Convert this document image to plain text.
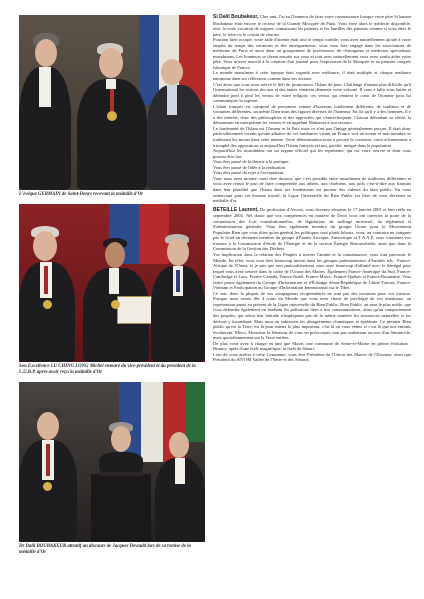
L'évêque GERMAIN de Saint-Denys recevant la médaille d'Or
Son Excellence LU CHING LONG Michel entouré du vice-président et du président de la L.U.B.P. après avoir reçu la médaille d'Or
Dr Dalil BOUBAKEUR attentif au discours de Jacques Devauld lors de sa remise de la médaille d'Or

Si Dalil Boubakeur, Cher ami, J'ai eu l'honneur de faire votre connaissance lorsque votre père Si hamza Boubakeur était encore le recteur de la Grande Mosquée de Paris. Vous étiez alors le médecin disponible, avec la vraie vocation de soigner, connaissant les patients et les familles des patients comme si vous étiez le père, le frère ou le cousin de chacun.

Pourtant bien occupé, votre salle d'attente était tout le temps comble, vous avez naturellement ajouté à votre emploi du temps des vacations et des enseignements, vous vous êtes engagé dans les associations de médecins de Paris et aussi dans un groupement de professeurs, de chirurgiens et médecins spécialistes musulmans. Les honneurs se dirent ensuite sur vous et tout avec naturellement vous avez voulu aider votre père. Vous m'avez associé à la création d'un journal pour l'expression de la Mosquée et au premier congrès islamique de France.

Le monde musulman à cette époque était regardé avec méfiance, il était multiple et chaque tendance autonome dans ses réflexions comme dans ses actions.

C'est alors que vous avez relevé le défi de promouvoir l'Islam de paix. Challenge d'autant plus difficile qu'à l'international les actions des uns et des autres venaient démentir votre volonté. Il vous a fallu vous battre et défendre pied à pied les vertus de votre religion, ces vertus qui rendent le cœur de l'homme pour lui communiquer la sagesse.

L'islam français est composé de personnes venant d'horizons totalement différents, de tradition et de coutumes différentes, un même Dieu mais des figures diverses de l'honneur. En toi qu'il y a des hommes, il y a des intérêts, donc des philosophies et des approches qui s'entrechoquent. Chacun défendant sa vérité, la démontrant en interprétant les versets et en appelant Mahomet à son secours.

Le fondement de l'Islam est l'Amour et la Paix mais ce n'est pas l'image généralement perçue. Il était donc particulièrement certain qu'une alliance de ces tendances vivant en France soit un acteur et non membre se traduisant les moins dans cette attente. Votre détermination nous a prouvé le contraire, votre acharnement a triomphé des oppositions et aujourd'hui l'Islam français est uni, pacifié, intégré dans la population.

Aujourd'hui les musulmans ont un organe officiel qui les représente, qui est votre oeuvre et dont vous pouvez être fier.

Vous êtes passé de la théorie à la pratique.

Vous êtes passé de l'idée à la réalisation.

Vous êtes passé du rejet à l'acceptation.

Vous nous avez montré, mon cher docteur, que c'est possible entre musulmans de traditions différentes et vous avez réussi le pari de faire comprendre aux athées, aux chrétiens, aux juifs c'est-à-dire aux français dans leur pluralité que l'Islam dans ses fondements est porteur des valeurs du bien public. En vous remerciant pour cet énorme travail, la Ligue Universelle du Bien Public est fière de vous décerner sa médaille d'or.

BETEILLE Laurent, De profession d'Avocat, vous devenez sénateur le 17 janvier 2001 et êtes réélu en septembre 2004. Nel doute que vos compétences en matière de Droit vous ont ouvertes la porte de la commission des Lois constitutionnelles, de législation, de suffrage universel, du règlement et d'administration générale. Vous êtes également membre du groupe Union pour le Mouvement Populaire.Bien que vous dites qu'en général les politiques sont plutôt hiboux, vous, au contraire ne craignez pas le froid en devenant membre du groupe d'Études Arctique, Antarctique et T.A.A.F. vous continuez vos travaux à la Commission d'étude de l'Énergie et de la section Énergie Renouvelable, ainsi que dans la Commission de la Gestion des Déchets.

Vos implication dans la relation des Peuples à travers l'amitié et la connaissance, vous font parcourir le Monde. En effet, vous vous êtes beaucoup investi dans les groupes parlementaires d'Amitiés tels : France-Afrique de l'Ouest, et je sais que tout particulièrement vous avez beaucoup d'affinité avec le Sénégal pour lequel vous avez oeuvré dans le cadre de l'Union des Maires. Également France-Amérique du Sud, France-Cambodge et Laos, France-Canada, France-Israël, France-Maroc, France-Québec et France-Roumanie. Vous faites partie également du Groupe d'Information et d'Échange Sénat-République de Chine-Taïwan, France-Vietnam et Participation au Groupe d'Information International sur le Tibet.

Ce soir, donc la plupart de vos compagnons récipiendaires ne sont pas des inconnus pour vos travaux. Puisque nous avons dès 4 coins du Monde que vous avez choisi de privilégié de vos attentions, un représentant passé au présent de la Ligue universelle du Bien Public. Bien Public, au sens le plus noble, que vous défendez également en étudiant les pollutions liées à nos consommations, ainsi qu'au comportement des peuples, qui selon leur latitude n'impliquent pas de la même manière les ressources naturelles et les déchets y incombant. Mais nous en subissons les désagréments climatiques et épidémie. Ce premier Bien public qu'est la Terre, est là pour mieux le plus important, c'est là où vous venez et c'est là que nos enfants évolueront. Merci, Monsieur le Sénateur de vous en préoccuper, non pas seulement au soir d'un féminicide, mais quotidiennement sur la Terre entière.

De plus vous avez à charge en tant que Maire, une commune de Seine-et-Marne en pleine évolution : Brunoy, après d'une forêt magnifique, la forêt de Sénart.

Loin de vous arrêter à cette Commune, vous êtes Président de l'Union des Maires de l'Essonne, ainsi que Président du SIVOM Vallée de l'Yerre et des Sénarts.
